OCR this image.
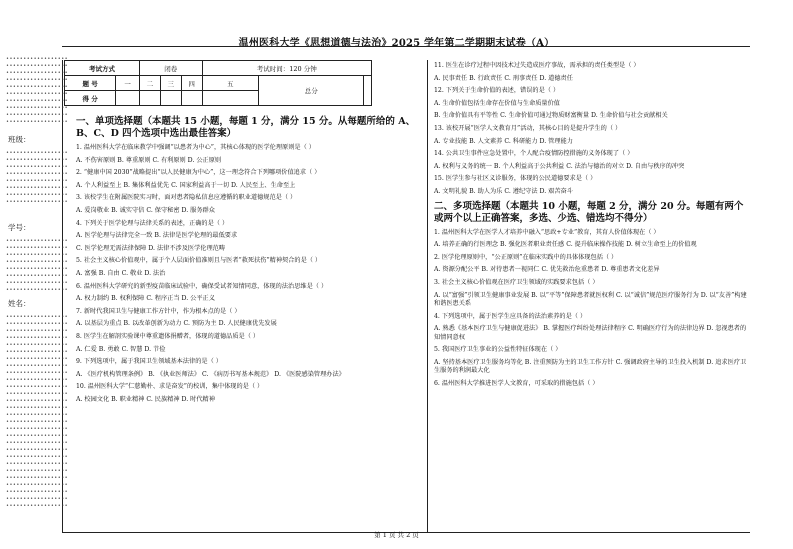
温州医科大学《思想道德与法治》2025 学年第二学期期末试卷（A）
••••••••••••••••••
••••••••••••••••••
••••••••••••••••••
••••••••••••••••••
••••••••••••••••••
••••••••••••••••••
••••••••••••••••••
••••••••••••••••••
••••••••••••••••••
••••••••••••••••••
班级：
••••••••••••••••••
••••••••••••••••••
••••••••••••••••••
••••••••••••••••••
••••••••••••••••••
••••••••••••••••••
••••••••••••••••••
••••••••••••••••••
学号：
••••••••••••••••••
••••••••••••••••••
••••••••••••••••••
••••••••••••••••••
••••••••••••••••••
••••••••••••••••••
••••••••••••••••••
••••••••••••••••••
姓名：
••••••••••••••••••
••••••••••••••••••
••••••••••••••••••
••••••••••••••••••
••••••••••••••••••
••••••••••••••••••
••••••••••••••••••
••••••••••••••••••
••••••••••••••••••
••••••••••••••••••
••••••••••••••••••
••••••••••••••••••
••••••••••••••••••
••••••••••••••••••
••••••••••••••••••
••••••••••••••••••
••••••••••••••••••
••••••••••••••••••
••••••••••••••••••
••••••••••••••••••
••••••••••••••••••
••••••••••••••••••
••••••••••••••••••
••••••••••••••••••
••••••••••••••••••
••••••••••••••••••
••••••••••••••••••
••••••••••••••••••
考试方式		闭卷			考试时间：120 分钟		
题 号	一	二	三	四	五	总分	
得 分							
一、单项选择题（本题共 15 小题，每题 1 分，满分 15 分。从每题所给的 A、B、C、D 四个选项中选出最佳答案）
1. 温州医科大学在临床教学中强调“以患者为中心”，其核心体现的医学伦理原则是（ ）
A. 不伤害原则 B. 尊重原则 C. 有利原则 D. 公正原则
2. “健康中国 2030”战略提出“以人民健康为中心”，这一理念符合下列哪项价值追求（ ）
A. 个人利益至上 B. 集体利益优先 C. 国家利益高于一切 D. 人民至上、生命至上
3. 该校学生在附属医院实习时，面对患者隐私信息应遵循的职业道德规范是（ ）
A. 爱岗敬业 B. 诚实守信 C. 保守秘密 D. 服务群众
4. 下列关于医学伦理与法律关系的表述，正确的是（ ）
A. 医学伦理与法律完全一致 B. 法律是医学伦理的最低要求
C. 医学伦理无需法律保障 D. 法律不涉及医学伦理范畴
5. 社会主义核心价值观中，属于个人层面价值准则且与医者“救死扶伤”精神契合的是（ ）
A. 富强 B. 自由 C. 敬业 D. 法治
6. 温州医科大学研究的新型疫苗临床试验中，确保受试者知情同意，体现的法治思维是（ ）
A. 权力制约 B. 权利保障 C. 程序正当 D. 公平正义
7. 新时代我国卫生与健康工作方针中，作为根本点的是（ ）
A. 以基层为重点 B. 以改革创新为动力 C. 预防为主 D. 人民健康优先发展
8. 医学生在解剖实验课中尊重遗体捐赠者，体现的道德品质是（ ）
A. 仁爱 B. 勇敢 C. 智慧 D. 节俭
9. 下列选项中，属于我国卫生领域基本法律的是（ ）
A. 《医疗机构管理条例》 B. 《执业医师法》 C. 《病历书写基本规范》 D. 《医院感染管理办法》
10. 温州医科大学“仁慈勤朴、求是奋发”的校训，集中体现的是（ ）
A. 校园文化 B. 职业精神 C. 民族精神 D. 时代精神
11. 医生在诊疗过程中因技术过失造成医疗事故，需承担的责任类型是（ ）
A. 民事责任 B. 行政责任 C. 刑事责任 D. 道德责任
12. 下列关于生命价值的表述，错误的是（ ）
A. 生命价值包括生命存在价值与生命质量价值
B. 生命价值具有平等性 C. 生命价值可通过物质财富衡量 D. 生命价值与社会贡献相关
13. 该校开展“医学人文教育月”活动，其核心目的是提升学生的（ ）
A. 专业技能 B. 人文素养 C. 科研能力 D. 管理能力
14. 公共卫生事件应急处置中，个人配合疫情防控措施的义务体现了（ ）
A. 权利与义务的统一 B. 个人利益高于公共利益 C. 法治与德治的对立 D. 自由与秩序的冲突
15. 医学生参与社区义诊服务，体现的公民道德要求是（ ）
A. 文明礼貌 B. 助人为乐 C. 遵纪守法 D. 艰苦奋斗
二、多项选择题（本题共 10 小题，每题 2 分，满分 20 分。每题有两个或两个以上正确答案，多选、少选、错选均不得分）
1. 温州医科大学在医学人才培养中融入“思政+专业”教育，其育人价值体现在（ ）
A. 培养正确的行医理念 B. 强化医者职业责任感 C. 提升临床操作技能 D. 树立生命至上的价值观
2. 医学伦理原则中，“公正原则”在临床实践中的具体体现包括（ ）
A. 资源分配公平 B. 对待患者一视同仁 C. 优先救治危重患者 D. 尊重患者文化差异
3. 社会主义核心价值观在医疗卫生领域的实践要求包括（ ）
A. 以“富强”引领卫生健康事业发展 B. 以“平等”保障患者就医权利 C. 以“诚信”规范医疗服务行为 D. 以“友善”构建和谐医患关系
4. 下列选项中，属于医学生应具备的法治素养的是（ ）
A. 熟悉《基本医疗卫生与健康促进法》 B. 掌握医疗纠纷处理法律程序 C. 明确医疗行为的法律边界 D. 忽视患者的知情同意权
5. 我国医疗卫生事业的公益性特征体现在（ ）
A. 坚持基本医疗卫生服务均等化 B. 注重预防为主的卫生工作方针 C. 强调政府主导的卫生投入机制 D. 追求医疗卫生服务的利润最大化
6. 温州医科大学推进医学人文教育，可采取的措施包括（ ）
第 1 页 共 2 页
